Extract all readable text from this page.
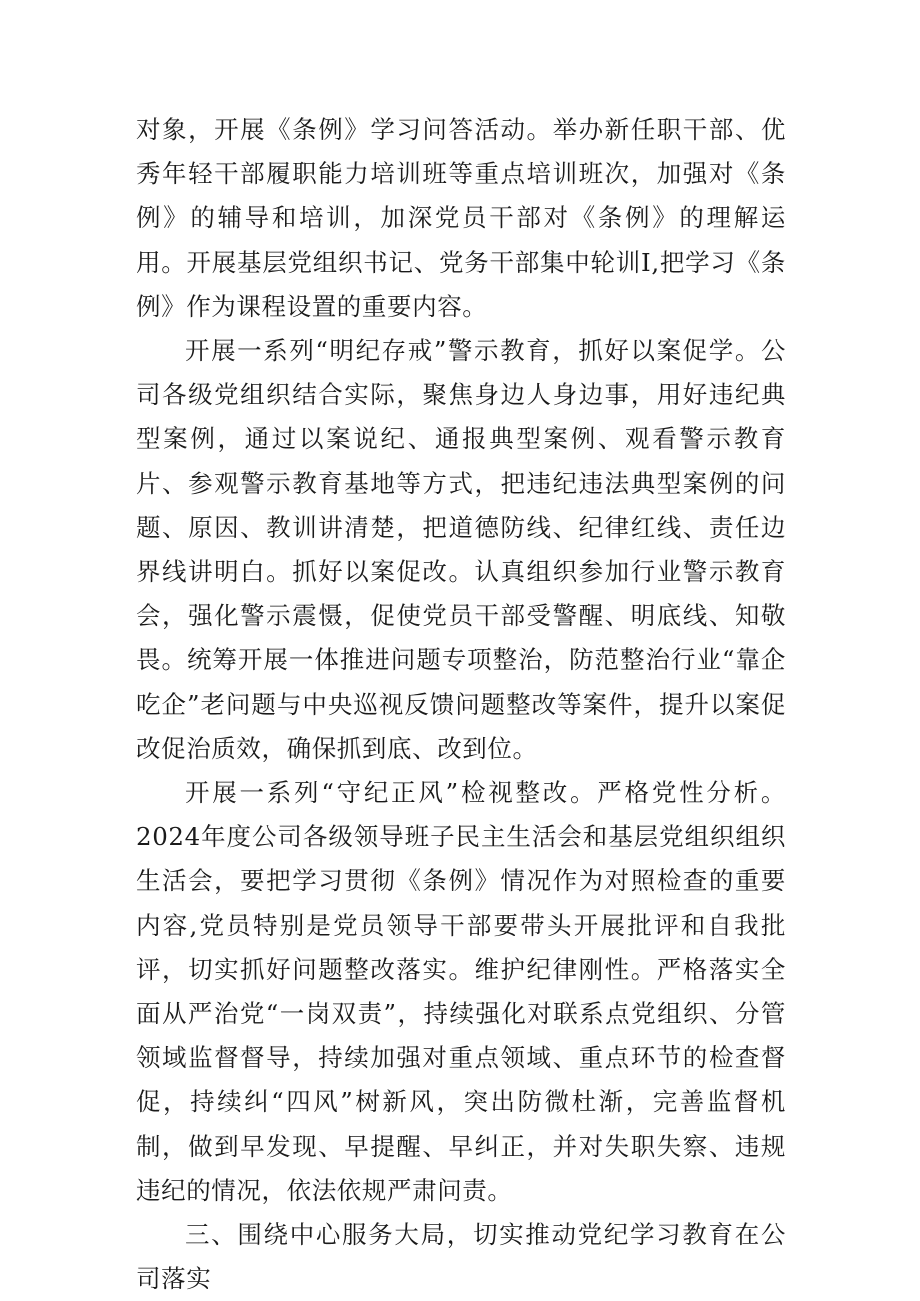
对象，开展《条例》学习问答活动。举办新任职干部、优秀年轻干部履职能力培训班等重点培训班次，加强对《条例》的辅导和培训，加深党员干部对《条例》的理解运用。开展基层党组织书记、党务干部集中轮训Ⅰ,把学习《条例》作为课程设置的重要内容。

开展一系列“明纪存戒”警示教育，抓好以案促学。公司各级党组织结合实际，聚焦身边人身边事，用好违纪典型案例，通过以案说纪、通报典型案例、观看警示教育片、参观警示教育基地等方式，把违纪违法典型案例的问题、原因、教训讲清楚，把道德防线、纪律红线、责任边界线讲明白。抓好以案促改。认真组织参加行业警示教育会，强化警示震慑，促使党员干部受警醒、明底线、知敬畏。统筹开展一体推进问题专项整治，防范整治行业“靠企吃企”老问题与中央巡视反馈问题整改等案件，提升以案促改促治质效，确保抓到底、改到位。

开展一系列“守纪正风”检视整改。严格党性分析。2024年度公司各级领导班子民主生活会和基层党组织组织生活会，要把学习贯彻《条例》情况作为对照检查的重要内容,党员特别是党员领导干部要带头开展批评和自我批评，切实抓好问题整改落实。维护纪律刚性。严格落实全面从严治党“一岗双责”，持续强化对联系点党组织、分管领域监督督导，持续加强对重点领域、重点环节的检查督促，持续纠“四风”树新风，突出防微杜渐，完善监督机制，做到早发现、早提醒、早纠正，并对失职失察、违规违纪的情况，依法依规严肃问责。

三、围绕中心服务大局，切实推动党纪学习教育在公司落实
